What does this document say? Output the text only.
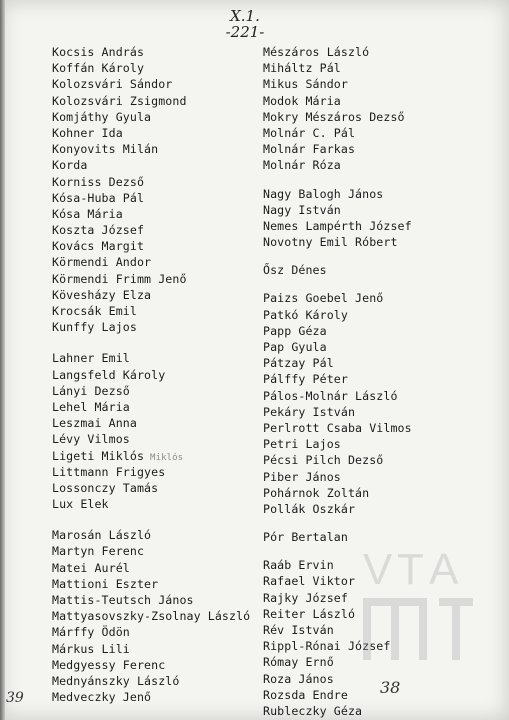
X.1.
-221-
Kocsis András
Koffán Károly
Kolozsvári Sándor
Kolozsvári Zsigmond
Komjáthy Gyula
Kohner Ida
Konyovits Milán
Korda
Korniss Dezső
Kósa-Huba Pál
Kósa Mária
Koszta József
Kovács Margit
Körmendi Andor
Körmendi Frimm Jenő
Kövesházy Elza
Krocsák Emil
Kunffy Lajos
Lahner Emil
Langsfeld Károly
Lányi Dezső
Lehel Mária
Leszmai Anna
Lévy Vilmos
Ligeti Miklós Miklós
Littmann Frigyes
Lossonczy Tamás
Lux Elek
Marosán László
Martyn Ferenc
Matei Aurél
Mattioni Eszter
Mattis-Teutsch János
Mattyasovszky-Zsolnay László
Márffy Ödön
Márkus Lili
Medgyessy Ferenc
Mednyánszky László
Medveczky Jenő
Mészáros László
Miháltz Pál
Mikus Sándor
Modok Mária
Mokry Mészáros Dezső
Molnár C. Pál
Molnár Farkas
Molnár Róza
Nagy Balogh János
Nagy István
Nemes Lampérth József
Novotny Emil Róbert
Ősz Dénes
Paizs Goebel Jenő
Patkó Károly
Papp Géza
Pap Gyula
Pátzay Pál
Pálffy Péter
Pálos-Molnár László
Pekáry István
Perlrott Csaba Vilmos
Petri Lajos
Pécsi Pilch Dezső
Piber János
Pohárnok Zoltán
Pollák Oszkár
Pór Bertalan
Raáb Ervin
Rafael Viktor
Rajky József
Reiter László
Rév István
Rippl-Rónai József
Rómay Ernő
Roza János
Rozsda Endre
Rubleczky Géza
V T A
39
38
